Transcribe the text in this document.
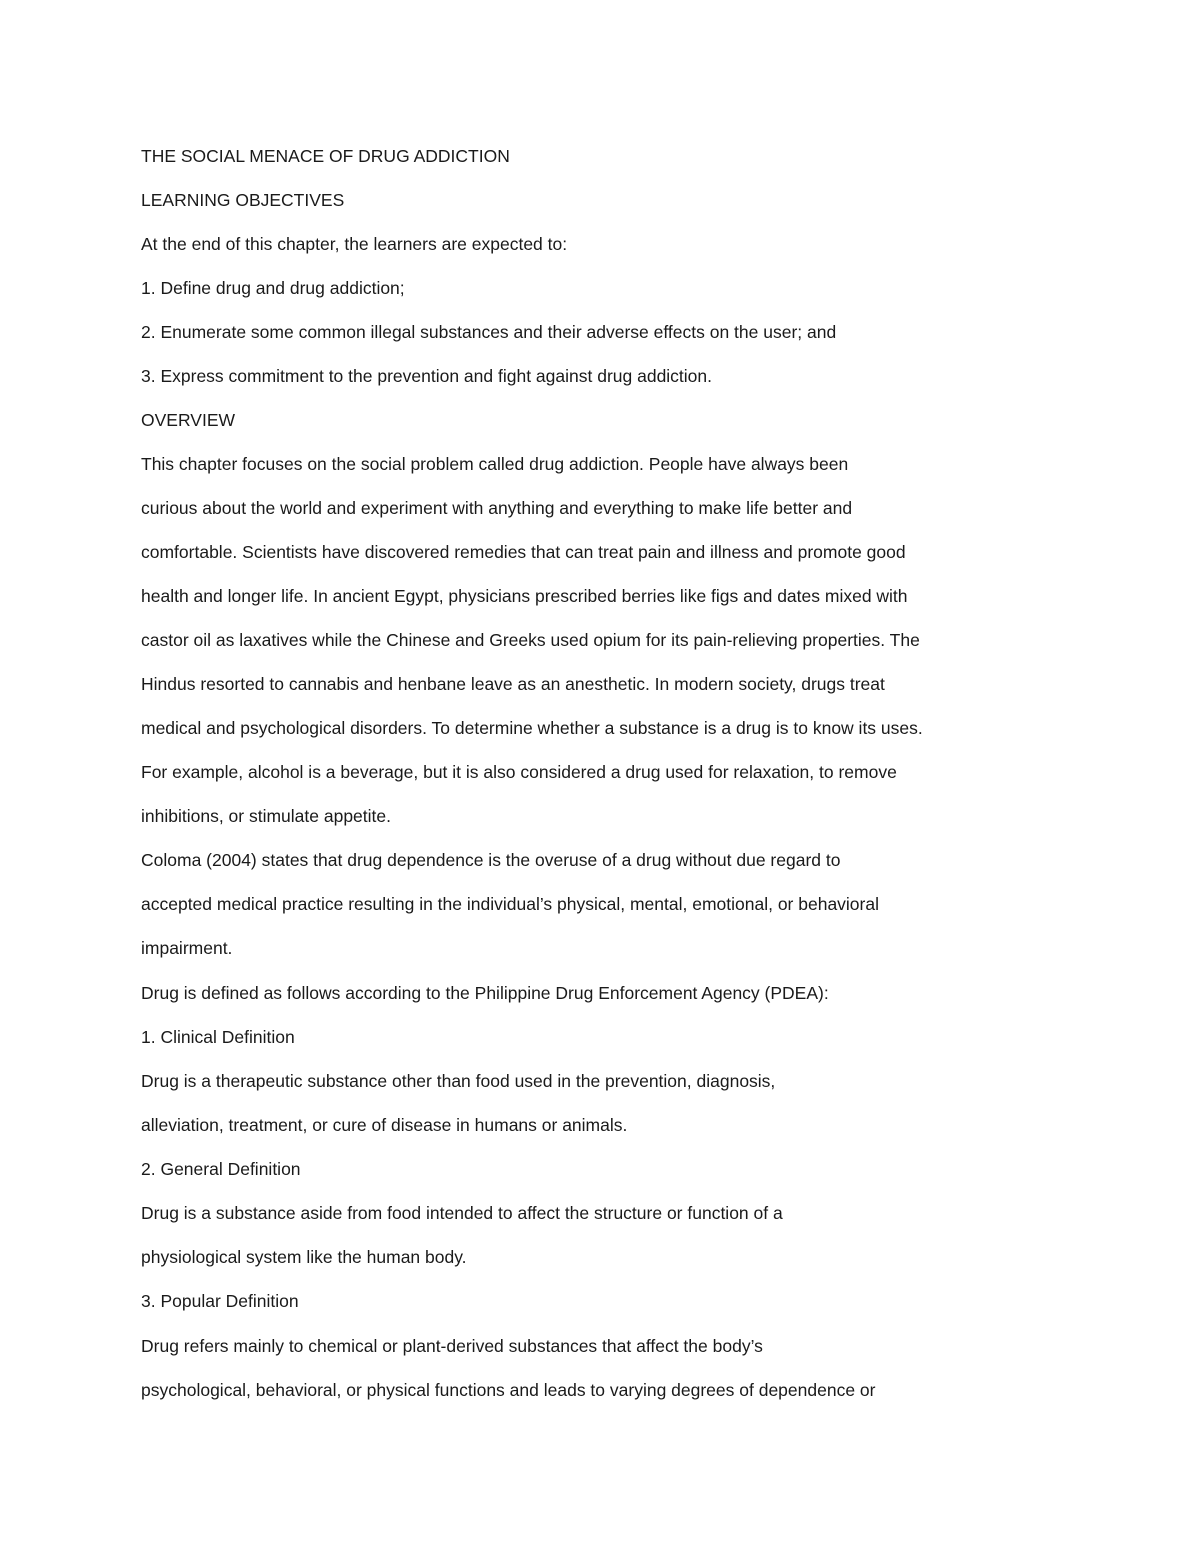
THE SOCIAL MENACE OF DRUG ADDICTION

LEARNING OBJECTIVES

At the end of this chapter, the learners are expected to:

1. Define drug and drug addiction;

2. Enumerate some common illegal substances and their adverse effects on the user; and

3. Express commitment to the prevention and fight against drug addiction.

OVERVIEW

This chapter focuses on the social problem called drug addiction. People have always been

curious about the world and experiment with anything and everything to make life better and

comfortable. Scientists have discovered remedies that can treat pain and illness and promote good

health and longer life. In ancient Egypt, physicians prescribed berries like figs and dates mixed with

castor oil as laxatives while the Chinese and Greeks used opium for its pain-relieving properties. The

Hindus resorted to cannabis and henbane leave as an anesthetic. In modern society, drugs treat

medical and psychological disorders. To determine whether a substance is a drug is to know its uses.

For example, alcohol is a beverage, but it is also considered a drug used for relaxation, to remove

inhibitions, or stimulate appetite.

Coloma (2004) states that drug dependence is the overuse of a drug without due regard to

accepted medical practice resulting in the individual’s physical, mental, emotional, or behavioral

impairment.

Drug is defined as follows according to the Philippine Drug Enforcement Agency (PDEA):

1. Clinical Definition

Drug is a therapeutic substance other than food used in the prevention, diagnosis,

alleviation, treatment, or cure of disease in humans or animals.

2. General Definition

Drug is a substance aside from food intended to affect the structure or function of a

physiological system like the human body.

3. Popular Definition

Drug refers mainly to chemical or plant-derived substances that affect the body’s

psychological, behavioral, or physical functions and leads to varying degrees of dependence or
